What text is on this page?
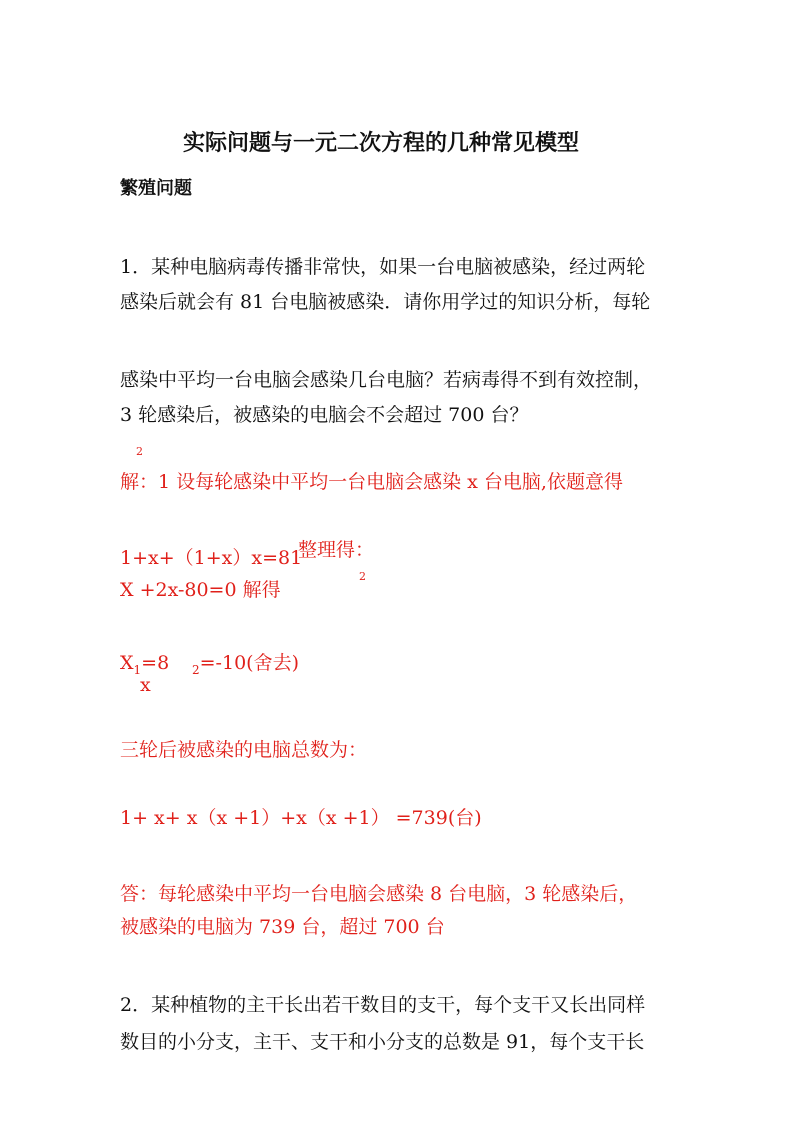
实际问题与一元二次方程的几种常见模型
繁殖问题
1．某种电脑病毒传播非常快，如果一台电脑被感染，经过两轮
感染后就会有 81 台电脑被感染．请你用学过的知识分析，每轮
感染中平均一台电脑会感染几台电脑？若病毒得不到有效控制，
3 轮感染后，被感染的电脑会不会超过 700 台？
2
解：1 设每轮感染中平均一台电脑会感染 x 台电脑,依题意得
1+x+（1+x）x=81
整理得：
X +2x-80=0 解得
2
$X_1=8$ $_2$=-10(舍去)
x
三轮后被感染的电脑总数为：
1+ x+ x（x +1）+x（x +1） =739(台)
答：每轮感染中平均一台电脑会感染 8 台电脑，3 轮感染后，
被感染的电脑为 739 台，超过 700 台
2．某种植物的主干长出若干数目的支干，每个支干又长出同样
数目的小分支，主干、支干和小分支的总数是 91，每个支干长
